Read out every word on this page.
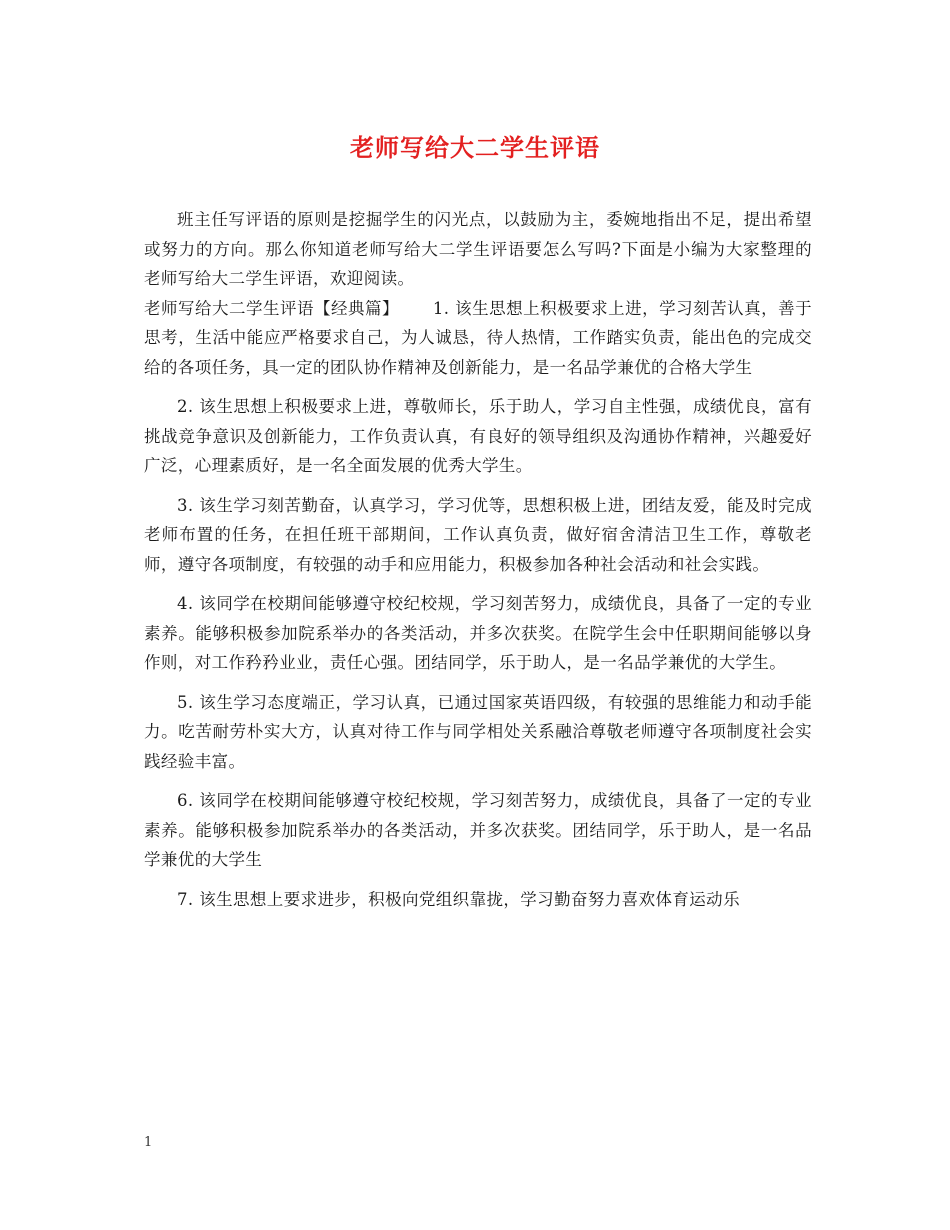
老师写给大二学生评语

班主任写评语的原则是挖掘学生的闪光点，以鼓励为主，委婉地指出不足，提出希望或努力的方向。那么你知道老师写给大二学生评语要怎么写吗?下面是小编为大家整理的老师写给大二学生评语，欢迎阅读。

老师写给大二学生评语【经典篇】   1. 该生思想上积极要求上进，学习刻苦认真，善于思考，生活中能应严格要求自己，为人诚恳，待人热情，工作踏实负责，能出色的完成交给的各项任务，具一定的团队协作精神及创新能力，是一名品学兼优的合格大学生

2. 该生思想上积极要求上进，尊敬师长，乐于助人，学习自主性强，成绩优良，富有挑战竞争意识及创新能力，工作负责认真，有良好的领导组织及沟通协作精神，兴趣爱好广泛，心理素质好，是一名全面发展的优秀大学生。

3. 该生学习刻苦勤奋，认真学习，学习优等，思想积极上进，团结友爱，能及时完成老师布置的任务，在担任班干部期间，工作认真负责，做好宿舍清洁卫生工作，尊敬老师，遵守各项制度，有较强的动手和应用能力，积极参加各种社会活动和社会实践。

4. 该同学在校期间能够遵守校纪校规，学习刻苦努力，成绩优良，具备了一定的专业素养。能够积极参加院系举办的各类活动，并多次获奖。在院学生会中任职期间能够以身作则，对工作矜矜业业，责任心强。团结同学，乐于助人，是一名品学兼优的大学生。

5. 该生学习态度端正，学习认真，已通过国家英语四级，有较强的思维能力和动手能力。吃苦耐劳朴实大方，认真对待工作与同学相处关系融洽尊敬老师遵守各项制度社会实践经验丰富。

6. 该同学在校期间能够遵守校纪校规，学习刻苦努力，成绩优良，具备了一定的专业素养。能够积极参加院系举办的各类活动，并多次获奖。团结同学，乐于助人，是一名品学兼优的大学生

7. 该生思想上要求进步，积极向党组织靠拢，学习勤奋努力喜欢体育运动乐

1
